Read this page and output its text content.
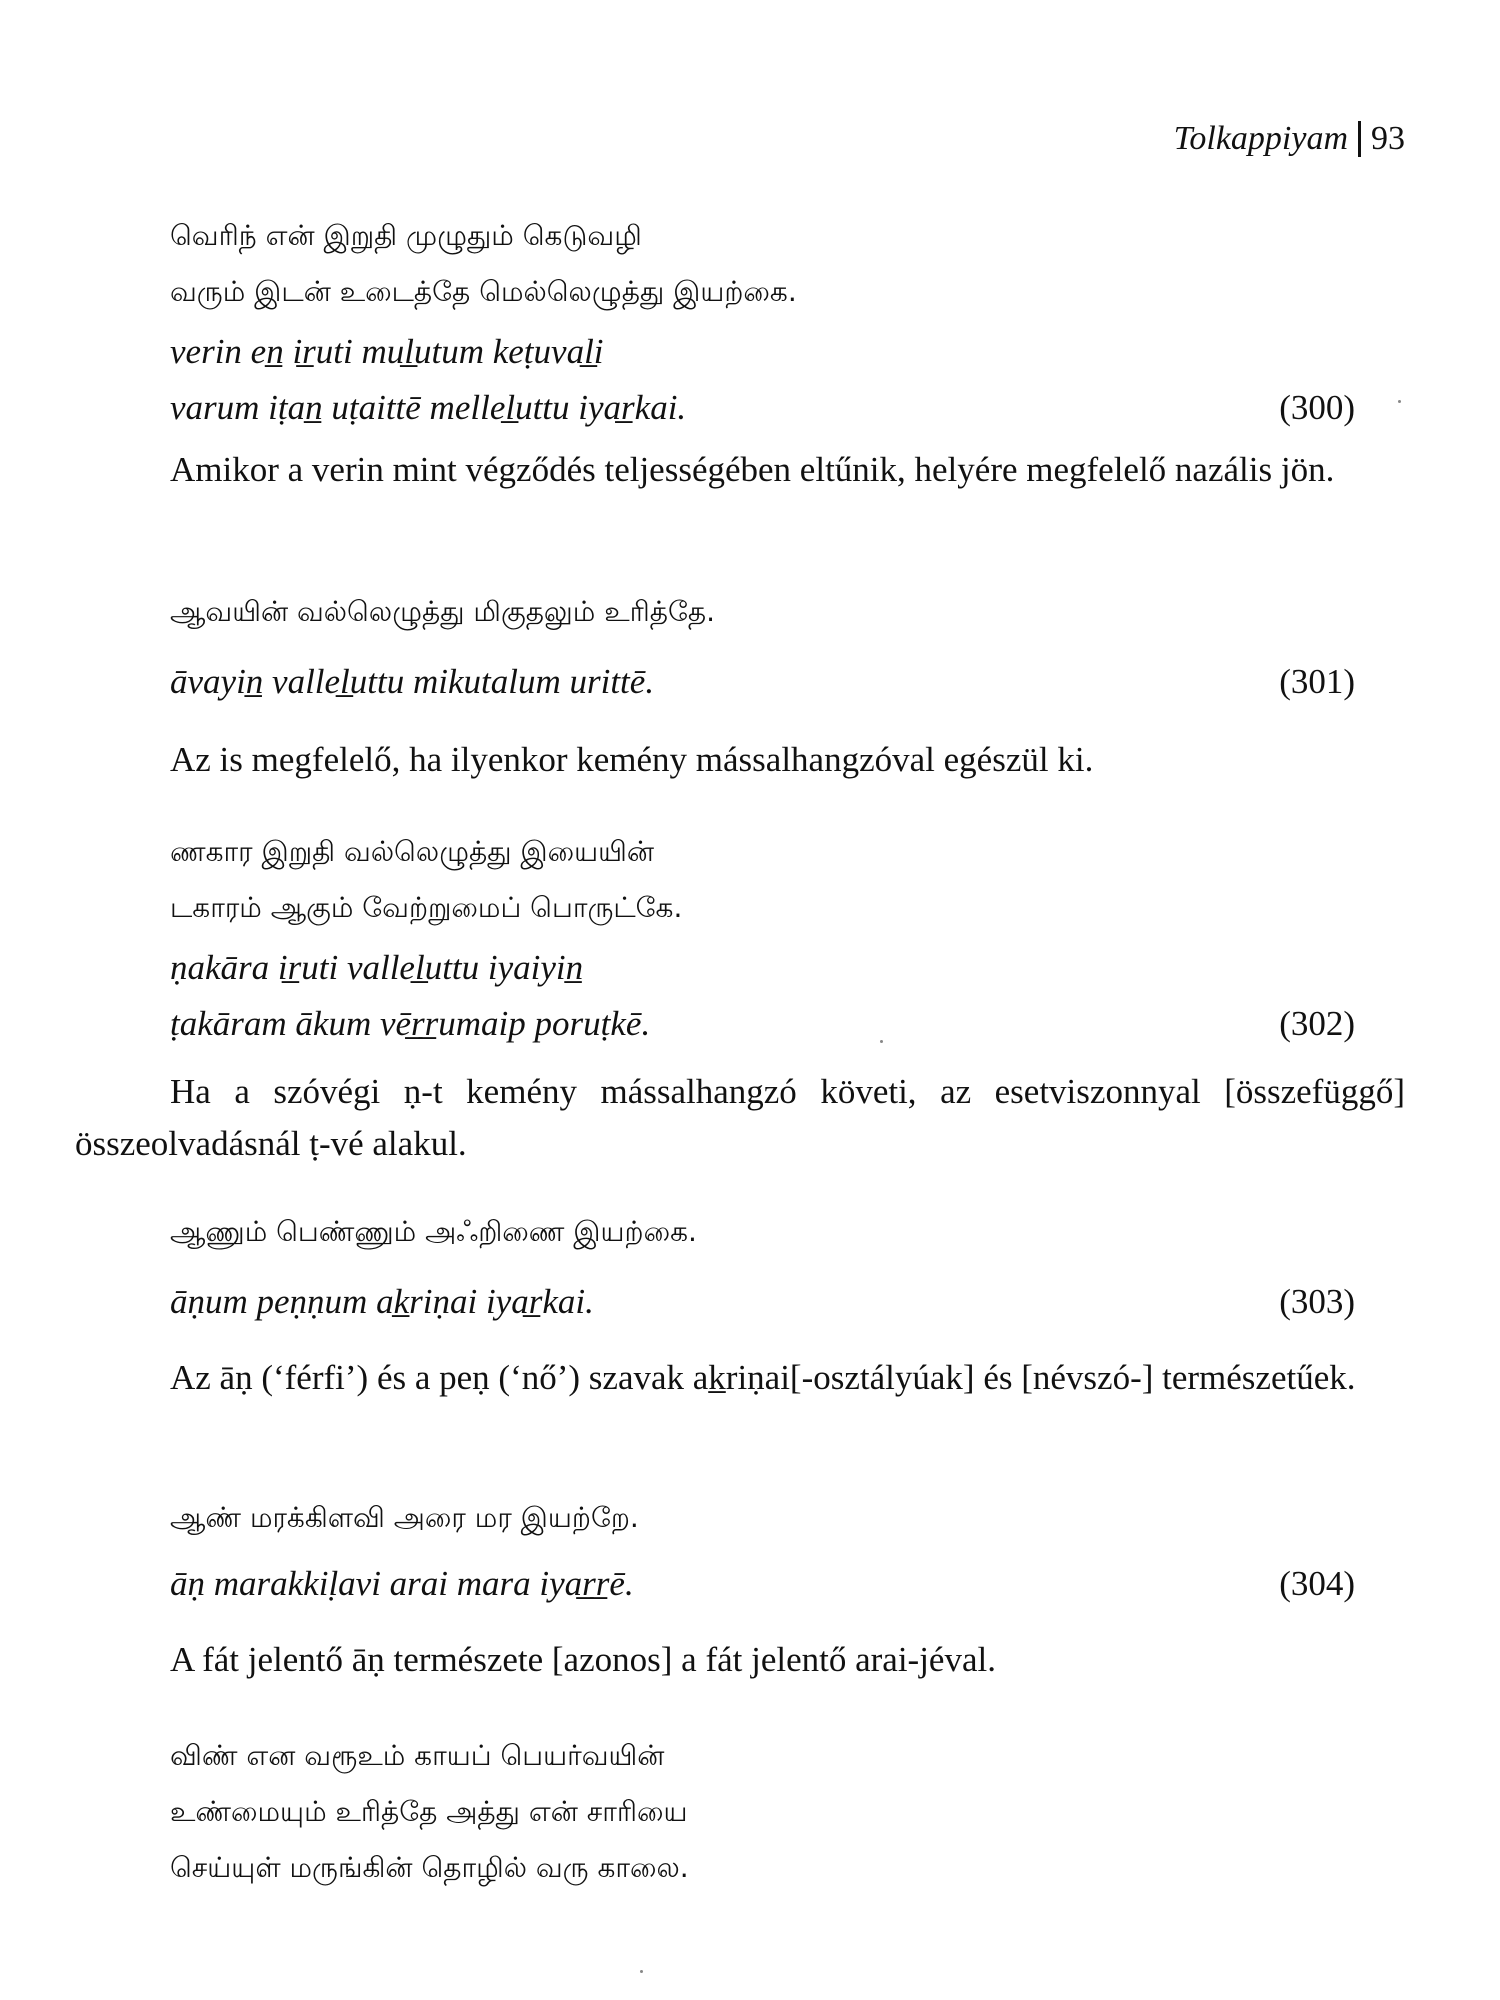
Tolkappiyam 93

வெரிந் என் இறுதி முழுதும் கெடுவழி

வரும் இடன் உடைத்தே மெல்லெழுத்து இயற்கை.

verin en̲ ir̲uti mul̲utum keṭuval̲i
varum iṭan̲ uṭaittē mellel̲uttu iyar̲kai.	(300)

Amikor a verin mint végződés teljességében eltűnik, helyére megfelelő nazális jön.

ஆவயின் வல்லெழுத்து மிகுதலும் உரித்தே.

āvayin̲ vallel̲uttu mikutalum urittē.	(301)

Az is megfelelő, ha ilyenkor kemény mássalhangzóval egészül ki.

ணகார இறுதி வல்லெழுத்து இயையின்

டகாரம் ஆகும் வேற்றுமைப் பொருட்கே.

ṇakāra ir̲uti vallel̲uttu iyaiyin̲
ṭakāram ākum vēr̲r̲umaip poruṭkē.	(302)

Ha a szóvégi ṇ-t kemény mássalhangzó követi, az esetviszonnyal [összefüggő] összeolvadásnál ṭ-vé alakul.

ஆணும் பெண்ணும் அஃறிணை இயற்கை.

āṇum peṇṇum ak̲riṇai iyar̲kai.	(303)

Az āṇ (‘férfi’) és a peṇ (‘nő’) szavak ak̲riṇai[-osztályúak] és [névszó-] természetűek.

ஆண் மரக்கிளவி அரை மர இயற்றே.

āṇ marakkiḷavi arai mara iyar̲r̲ē.	(304)

A fát jelentő āṇ természete [azonos] a fát jelentő arai-jéval.

விண் என வரூஉம் காயப் பெயர்வயின்

உண்மையும் உரித்தே அத்து என் சாரியை

செய்யுள் மருங்கின் தொழில் வரு காலை.
